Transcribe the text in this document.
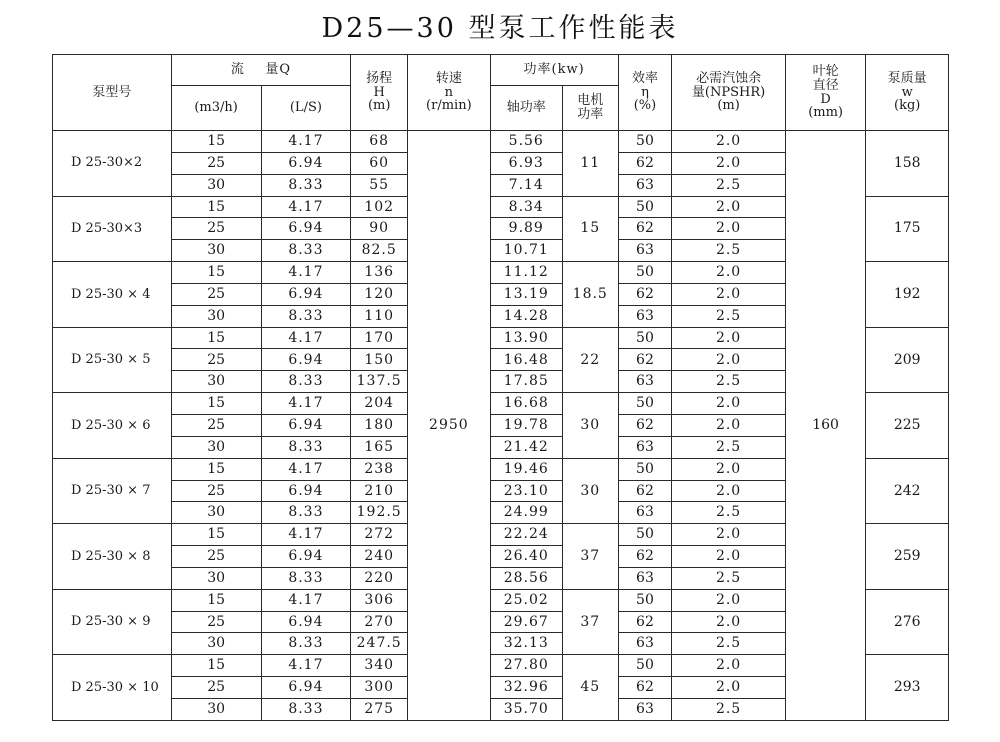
D25—30 型泵工作性能表
泵型号	流    量Q		扬程
H
(m)	转速
n
(r/min)	功率(kw)		效率
η
(%)	必需汽蚀余
量(NPSHR)
(m)	叶轮
直径
D
(mm)	泵质量
w
(kg)
	(m3/h)	(L/S)			轴功率	电机
功率				
D 25-30×2	15	4.17	68	2950	5.56	11	50	2.0	160	158
	25	6.94	60		6.93		62	2.0		
	30	8.33	55		7.14		63	2.5		
D 25-30×3	15	4.17	102		8.34	15	50	2.0		175
	25	6.94	90		9.89		62	2.0		
	30	8.33	82.5		10.71		63	2.5		
D 25-30 × 4	15	4.17	136		11.12	18.5	50	2.0		192
	25	6.94	120		13.19		62	2.0		
	30	8.33	110		14.28		63	2.5		
D 25-30 × 5	15	4.17	170		13.90	22	50	2.0		209
	25	6.94	150		16.48		62	2.0		
	30	8.33	137.5		17.85		63	2.5		
D 25-30 × 6	15	4.17	204		16.68	30	50	2.0		225
	25	6.94	180		19.78		62	2.0		
	30	8.33	165		21.42		63	2.5		
D 25-30 × 7	15	4.17	238		19.46	30	50	2.0		242
	25	6.94	210		23.10		62	2.0		
	30	8.33	192.5		24.99		63	2.5		
D 25-30 × 8	15	4.17	272		22.24	37	50	2.0		259
	25	6.94	240		26.40		62	2.0		
	30	8.33	220		28.56		63	2.5		
D 25-30 × 9	15	4.17	306		25.02	37	50	2.0		276
	25	6.94	270		29.67		62	2.0		
	30	8.33	247.5		32.13		63	2.5		
D 25-30 × 10	15	4.17	340		27.80	45	50	2.0		293
	25	6.94	300		32.96		62	2.0		
	30	8.33	275		35.70		63	2.5		
